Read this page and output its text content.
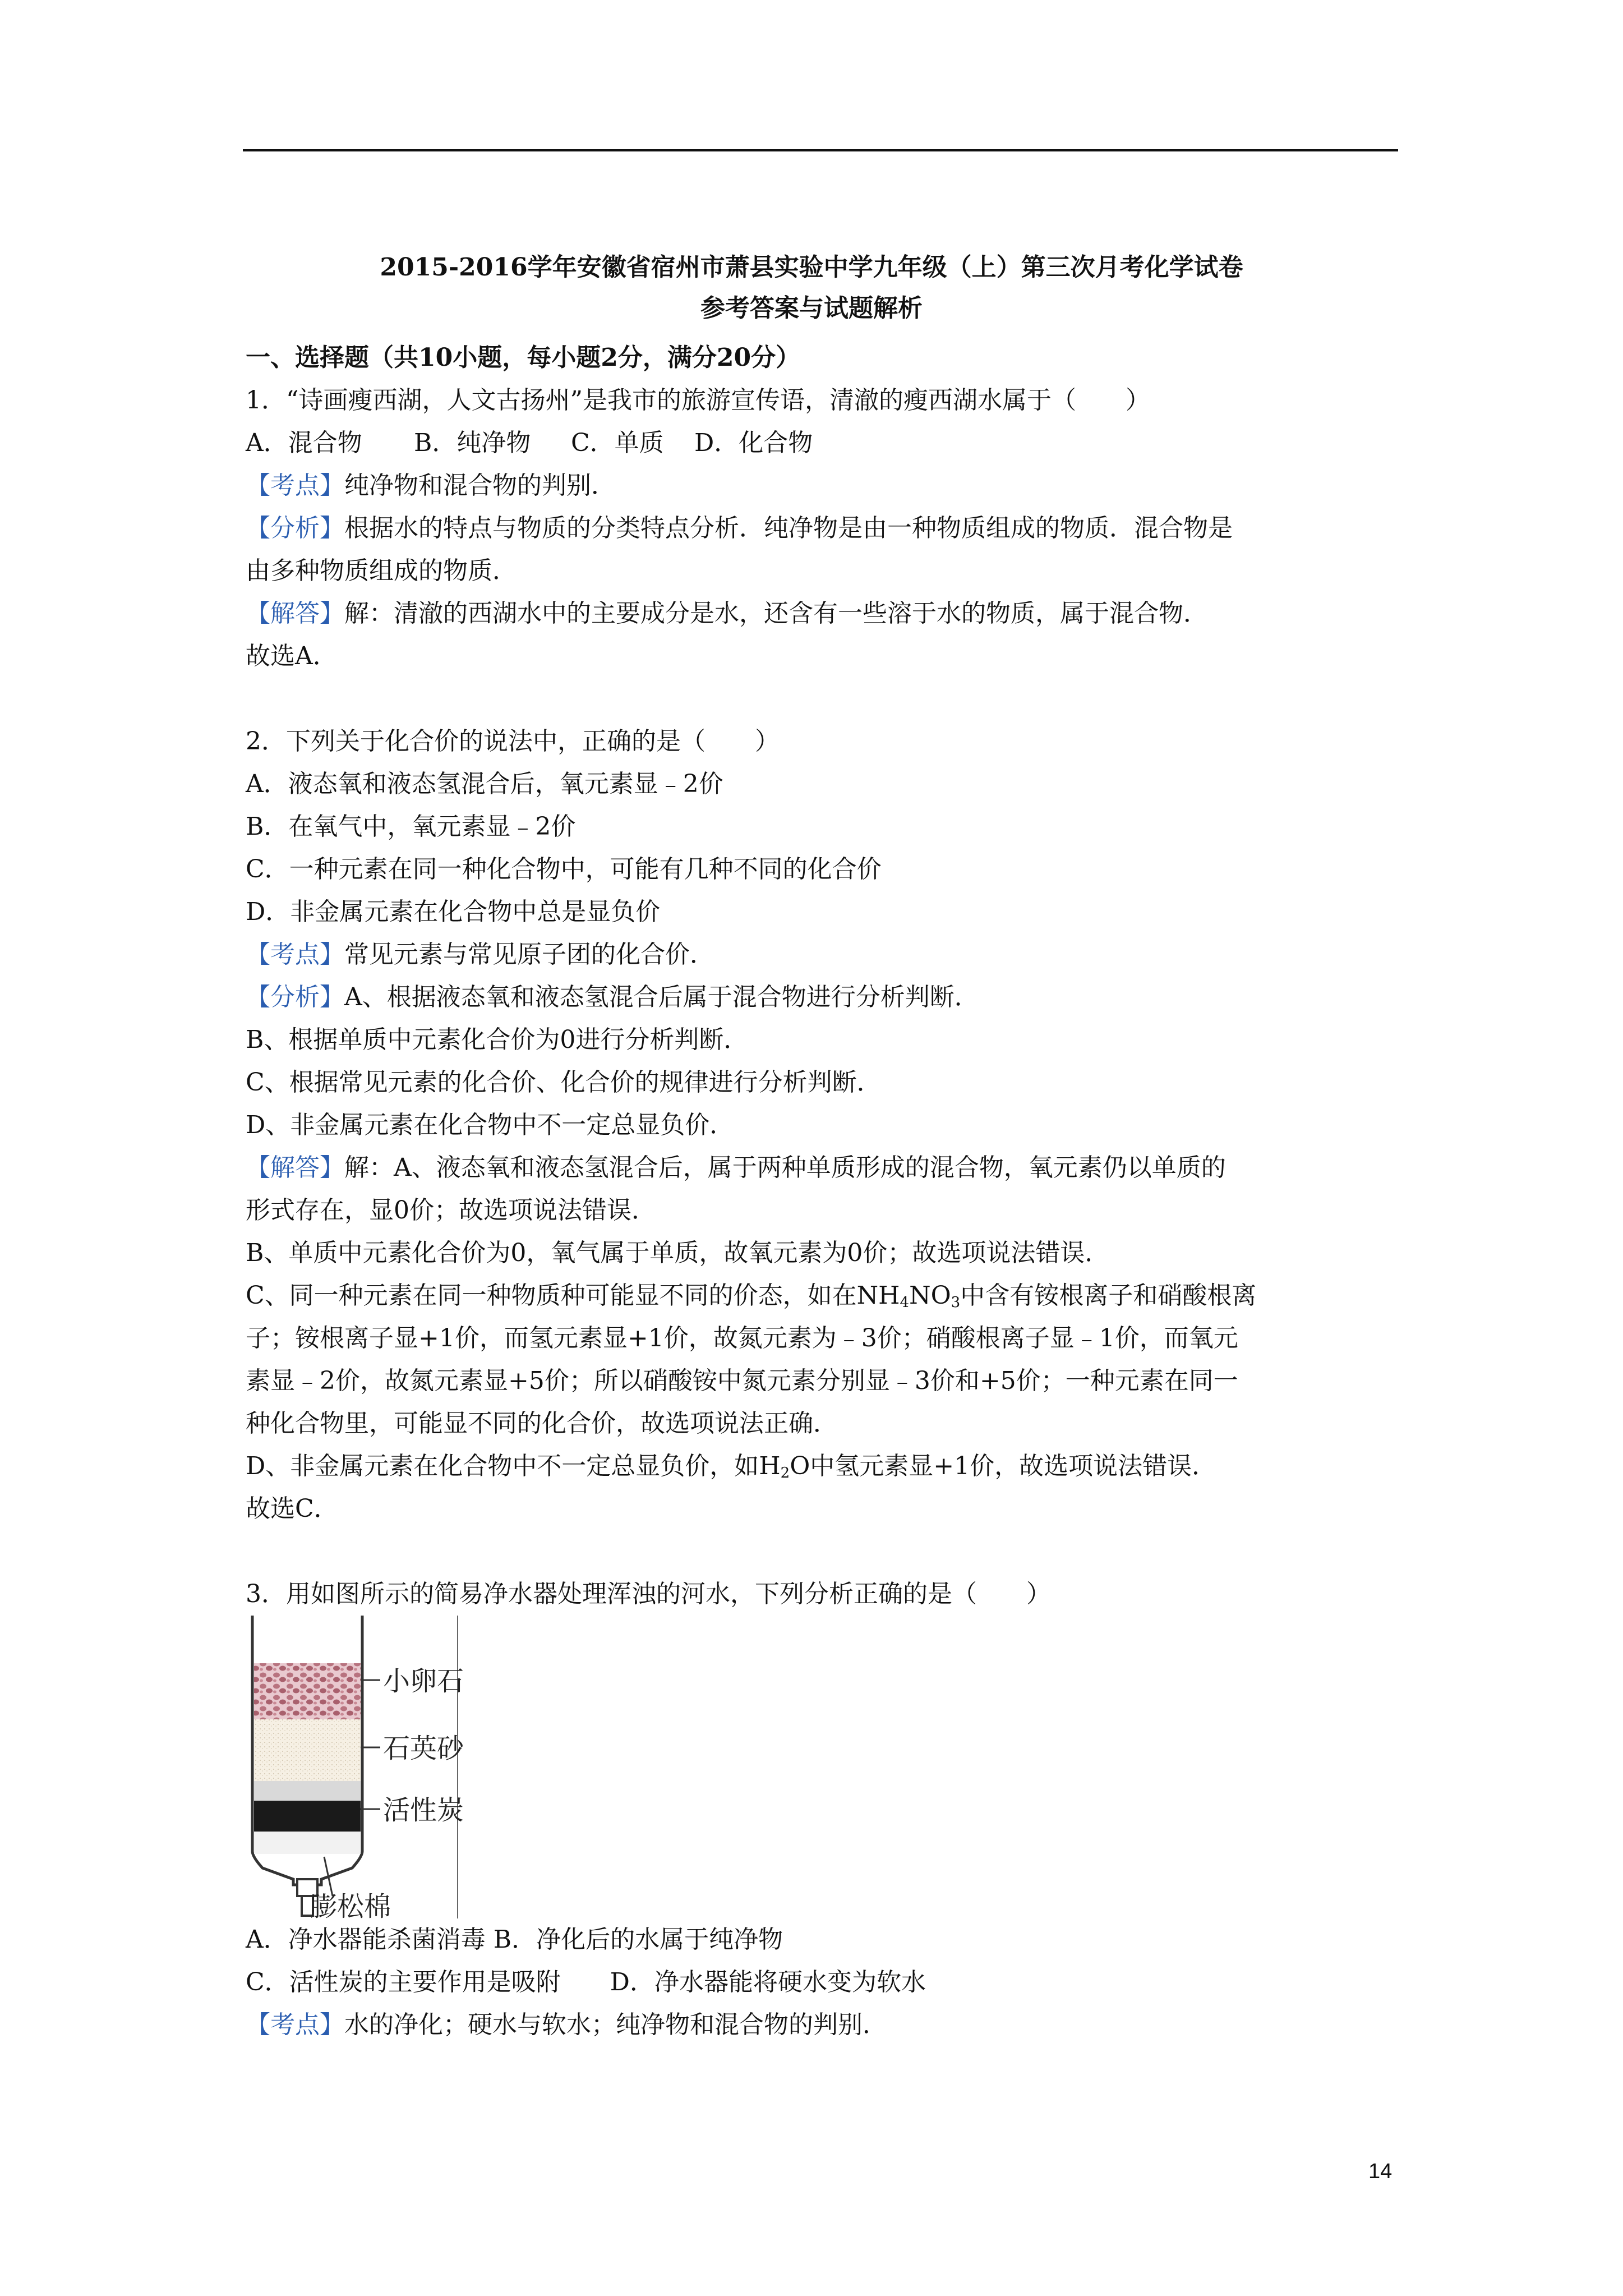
2015-2016学年安徽省宿州市萧县实验中学九年级（上）第三次月考化学试卷
参考答案与试题解析
一、选择题（共10小题，每小题2分，满分20分）
1．“诗画瘦西湖，人文古扬州”是我市的旅游宣传语，清澈的瘦西湖水属于（　　）
A．混合物 B．纯净物 C．单质 D．化合物
【考点】纯净物和混合物的判别．
【分析】根据水的特点与物质的分类特点分析．纯净物是由一种物质组成的物质．混合物是
由多种物质组成的物质．
【解答】解：清澈的西湖水中的主要成分是水，还含有一些溶于水的物质，属于混合物．
故选A．
2．下列关于化合价的说法中，正确的是（　　）
A．液态氧和液态氢混合后，氧元素显﹣2价
B．在氧气中，氧元素显﹣2价
C．一种元素在同一种化合物中，可能有几种不同的化合价
D．非金属元素在化合物中总是显负价
【考点】常见元素与常见原子团的化合价．
【分析】A、根据液态氧和液态氢混合后属于混合物进行分析判断．
B、根据单质中元素化合价为0进行分析判断．
C、根据常见元素的化合价、化合价的规律进行分析判断．
D、非金属元素在化合物中不一定总显负价．
【解答】解：A、液态氧和液态氢混合后，属于两种单质形成的混合物，氧元素仍以单质的
形式存在，显0价；故选项说法错误．
B、单质中元素化合价为0，氧气属于单质，故氧元素为0价；故选项说法错误．
C、同一种元素在同一种物质种可能显不同的价态，如在$NH_4NO_3$中含有铵根离子和硝酸根离
子；铵根离子显+1价，而氢元素显+1价，故氮元素为﹣3价；硝酸根离子显﹣1价，而氧元
素显﹣2价，故氮元素显+5价；所以硝酸铵中氮元素分别显﹣3价和+5价；一种元素在同一
种化合物里，可能显不同的化合价，故选项说法正确．
D、非金属元素在化合物中不一定总显负价，如$H_2O$中氢元素显+1价，故选项说法错误．
故选C．
3．用如图所示的简易净水器处理浑浊的河水，下列分析正确的是（　　）
小卵石
石英砂
活性炭
膨松棉
A．净水器能杀菌消毒 B．净化后的水属于纯净物
C．活性炭的主要作用是吸附　　D．净水器能将硬水变为软水
【考点】水的净化；硬水与软水；纯净物和混合物的判别．
14
